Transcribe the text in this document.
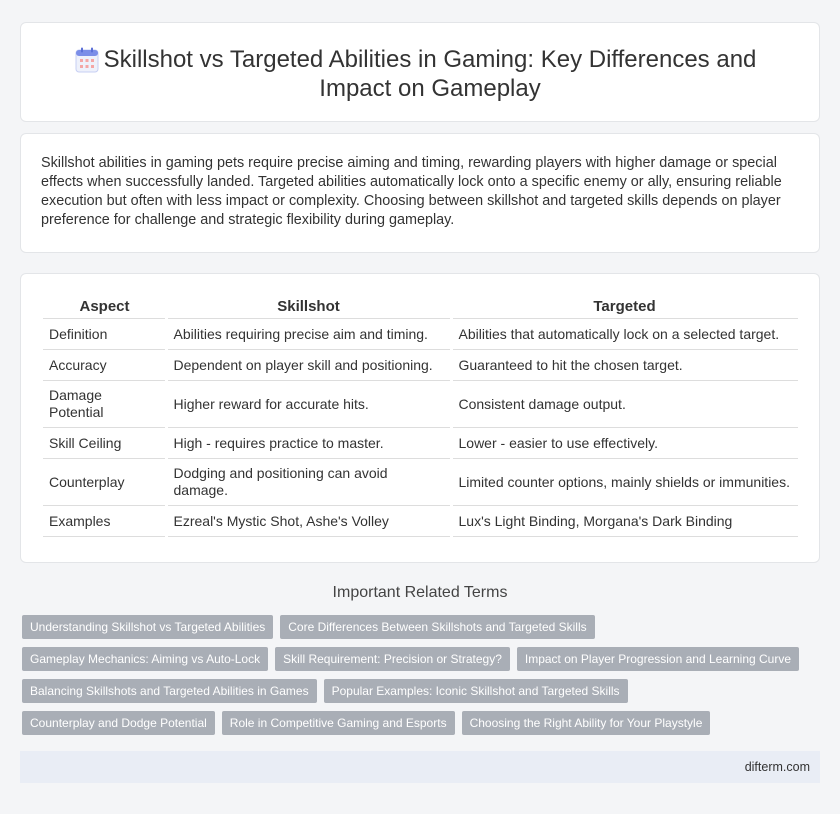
Skillshot vs Targeted Abilities in Gaming: Key Differences and Impact on Gameplay

Skillshot abilities in gaming pets require precise aiming and timing, rewarding players with higher damage or special effects when successfully landed. Targeted abilities automatically lock onto a specific enemy or ally, ensuring reliable execution but often with less impact or complexity. Choosing between skillshot and targeted skills depends on player preference for challenge and strategic flexibility during gameplay.

Aspect	Skillshot	Targeted
Definition	Abilities requiring precise aim and timing.	Abilities that automatically lock on a selected target.
Accuracy	Dependent on player skill and positioning.	Guaranteed to hit the chosen target.
Damage Potential	Higher reward for accurate hits.	Consistent damage output.
Skill Ceiling	High - requires practice to master.	Lower - easier to use effectively.
Counterplay	Dodging and positioning can avoid damage.	Limited counter options, mainly shields or immunities.
Examples	Ezreal's Mystic Shot, Ashe's Volley	Lux's Light Binding, Morgana's Dark Binding
Important Related Terms
Understanding Skillshot vs Targeted Abilities	Core Differences Between Skillshots and Targeted Skills
Gameplay Mechanics: Aiming vs Auto-Lock	Skill Requirement: Precision or Strategy?	Impact on Player Progression and Learning Curve
Balancing Skillshots and Targeted Abilities in Games	Popular Examples: Iconic Skillshot and Targeted Skills
Counterplay and Dodge Potential	Role in Competitive Gaming and Esports	Choosing the Right Ability for Your Playstyle
difterm.com
